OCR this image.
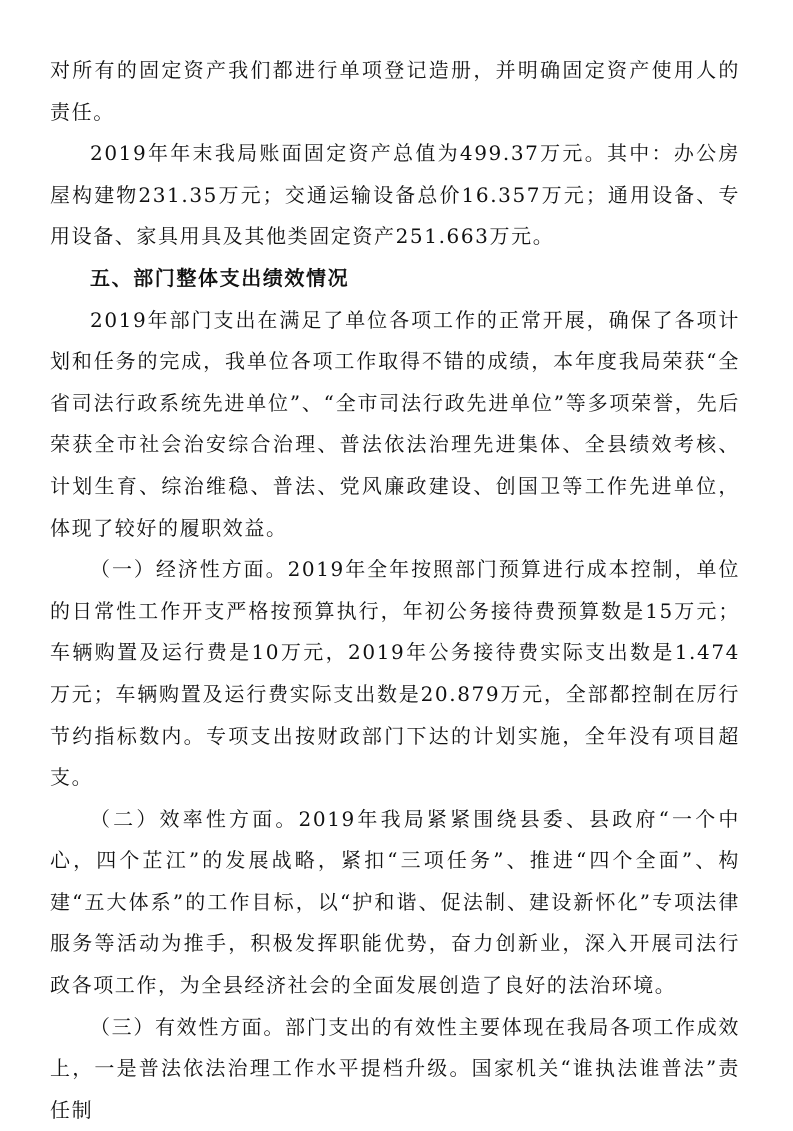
对所有的固定资产我们都进行单项登记造册，并明确固定资产使用人的责任。

2019年年末我局账面固定资产总值为499.37万元。其中：办公房屋构建物231.35万元；交通运输设备总价16.357万元；通用设备、专用设备、家具用具及其他类固定资产251.663万元。

五、部门整体支出绩效情况

2019年部门支出在满足了单位各项工作的正常开展，确保了各项计划和任务的完成，我单位各项工作取得不错的成绩，本年度我局荣获“全省司法行政系统先进单位”、“全市司法行政先进单位”等多项荣誉，先后荣获全市社会治安综合治理、普法依法治理先进集体、全县绩效考核、计划生育、综治维稳、普法、党风廉政建设、创国卫等工作先进单位，体现了较好的履职效益。

（一）经济性方面。2019年全年按照部门预算进行成本控制，单位的日常性工作开支严格按预算执行，年初公务接待费预算数是15万元；车辆购置及运行费是10万元，2019年公务接待费实际支出数是1.474万元；车辆购置及运行费实际支出数是20.879万元，全部都控制在厉行节约指标数内。专项支出按财政部门下达的计划实施，全年没有项目超支。

（二）效率性方面。2019年我局紧紧围绕县委、县政府“一个中心，四个芷江”的发展战略，紧扣“三项任务”、推进“四个全面”、构建“五大体系”的工作目标，以“护和谐、促法制、建设新怀化”专项法律服务等活动为推手，积极发挥职能优势，奋力创新业，深入开展司法行政各项工作，为全县经济社会的全面发展创造了良好的法治环境。

（三）有效性方面。部门支出的有效性主要体现在我局各项工作成效上，一是普法依法治理工作水平提档升级。国家机关“谁执法谁普法”责任制
